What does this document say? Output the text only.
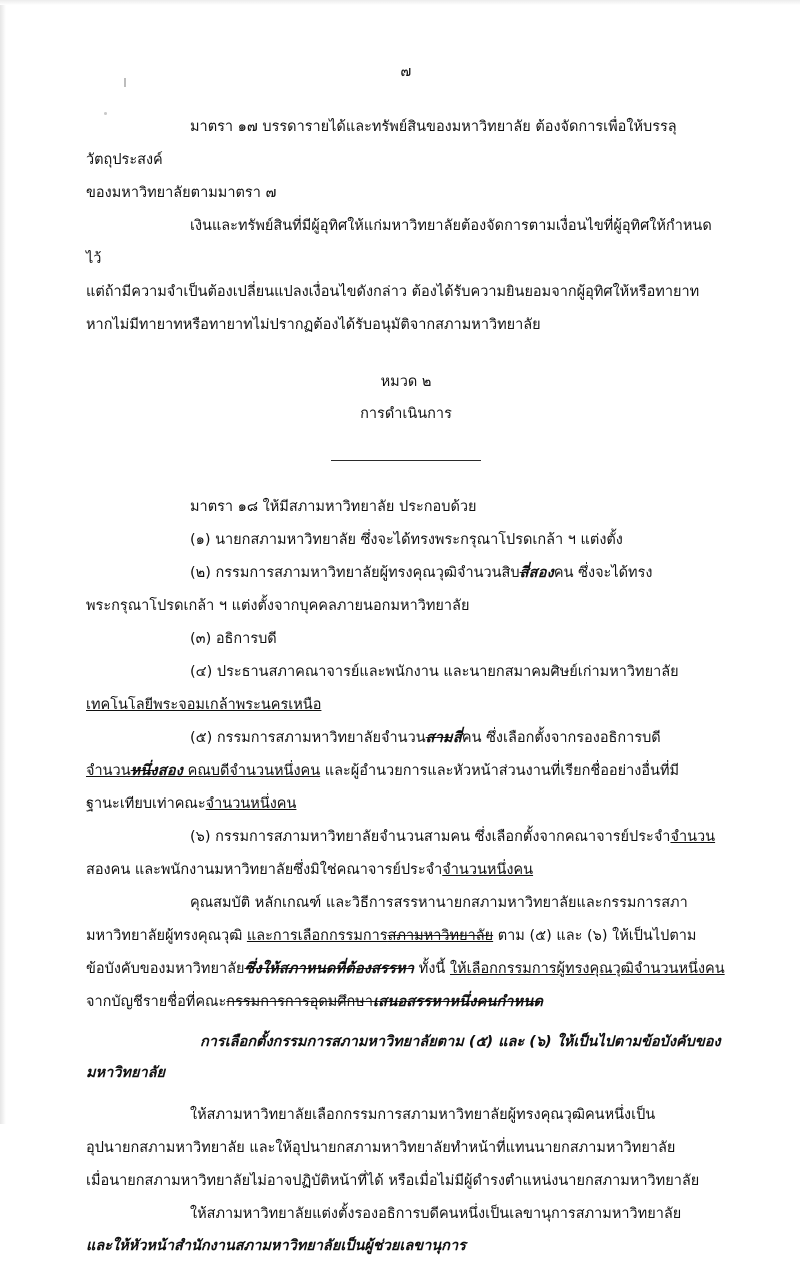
๗

มาตรา ๑๗ บรรดารายได้และทรัพย์สินของมหาวิทยาลัย ต้องจัดการเพื่อให้บรรลุวัตถุประสงค์

ของมหาวิทยาลัยตามมาตรา ๗

เงินและทรัพย์สินที่มีผู้อุทิศให้แก่มหาวิทยาลัยต้องจัดการตามเงื่อนไขที่ผู้อุทิศให้กำหนดไว้

แต่ถ้ามีความจำเป็นต้องเปลี่ยนแปลงเงื่อนไขดังกล่าว ต้องได้รับความยินยอมจากผู้อุทิศให้หรือทายาท

หากไม่มีทายาทหรือทายาทไม่ปรากฏต้องได้รับอนุมัติจากสภามหาวิทยาลัย

หมวด ๒
การดำเนินการ

มาตรา ๑๘ ให้มีสภามหาวิทยาลัย ประกอบด้วย

(๑) นายกสภามหาวิทยาลัย ซึ่งจะได้ทรงพระกรุณาโปรดเกล้า ฯ แต่งตั้ง

(๒) กรรมการสภามหาวิทยาลัยผู้ทรงคุณวุฒิจำนวนสิบสี่สองคน ซึ่งจะได้ทรง

พระกรุณาโปรดเกล้า ฯ แต่งตั้งจากบุคคลภายนอกมหาวิทยาลัย

(๓) อธิการบดี

(๔) ประธานสภาคณาจารย์และพนักงาน และนายกสมาคมศิษย์เก่ามหาวิทยาลัย

เทคโนโลยีพระจอมเกล้าพระนครเหนือ

(๕) กรรมการสภามหาวิทยาลัยจำนวนสามสี่คน ซึ่งเลือกตั้งจากรองอธิการบดี

จำนวนหนึ่งสอง คณบดีจำนวนหนึ่งคน และผู้อำนวยการและหัวหน้าส่วนงานที่เรียกชื่ออย่างอื่นที่มี

ฐานะเทียบเท่าคณะจำนวนหนึ่งคน

(๖) กรรมการสภามหาวิทยาลัยจำนวนสามคน ซึ่งเลือกตั้งจากคณาจารย์ประจำจำนวน

สองคน และพนักงานมหาวิทยาลัยซึ่งมิใช่คณาจารย์ประจำจำนวนหนึ่งคน

คุณสมบัติ หลักเกณฑ์ และวิธีการสรรหานายกสภามหาวิทยาลัยและกรรมการสภา

มหาวิทยาลัยผู้ทรงคุณวุฒิ และการเลือกกรรมการสภามหาวิทยาลัย ตาม (๕) และ (๖) ให้เป็นไปตาม

ข้อบังคับของมหาวิทยาลัยซึ่งให้สภาหนดที่ต้องสรรหา ทั้งนี้ ให้เลือกกรรมการผู้ทรงคุณวุฒิจำนวนหนึ่งคน

จากบัญชีรายชื่อที่คณะกรรมการการอุดมศึกษาเสนอสรรหาหนึ่งคนกำหนด

การเลือกตั้งกรรมการสภามหาวิทยาลัยตาม (๕) และ (๖) ให้เป็นไปตามข้อบังคับของ
มหาวิทยาลัย

ให้สภามหาวิทยาลัยเลือกกรรมการสภามหาวิทยาลัยผู้ทรงคุณวุฒิคนหนึ่งเป็น

อุปนายกสภามหาวิทยาลัย และให้อุปนายกสภามหาวิทยาลัยทำหน้าที่แทนนายกสภามหาวิทยาลัย

เมื่อนายกสภามหาวิทยาลัยไม่อาจปฏิบัติหน้าที่ได้ หรือเมื่อไม่มีผู้ดำรงตำแหน่งนายกสภามหาวิทยาลัย

ให้สภามหาวิทยาลัยแต่งตั้งรองอธิการบดีคนหนึ่งเป็นเลขานุการสภามหาวิทยาลัย

และให้หัวหน้าสำนักงานสภามหาวิทยาลัยเป็นผู้ช่วยเลขานุการ
